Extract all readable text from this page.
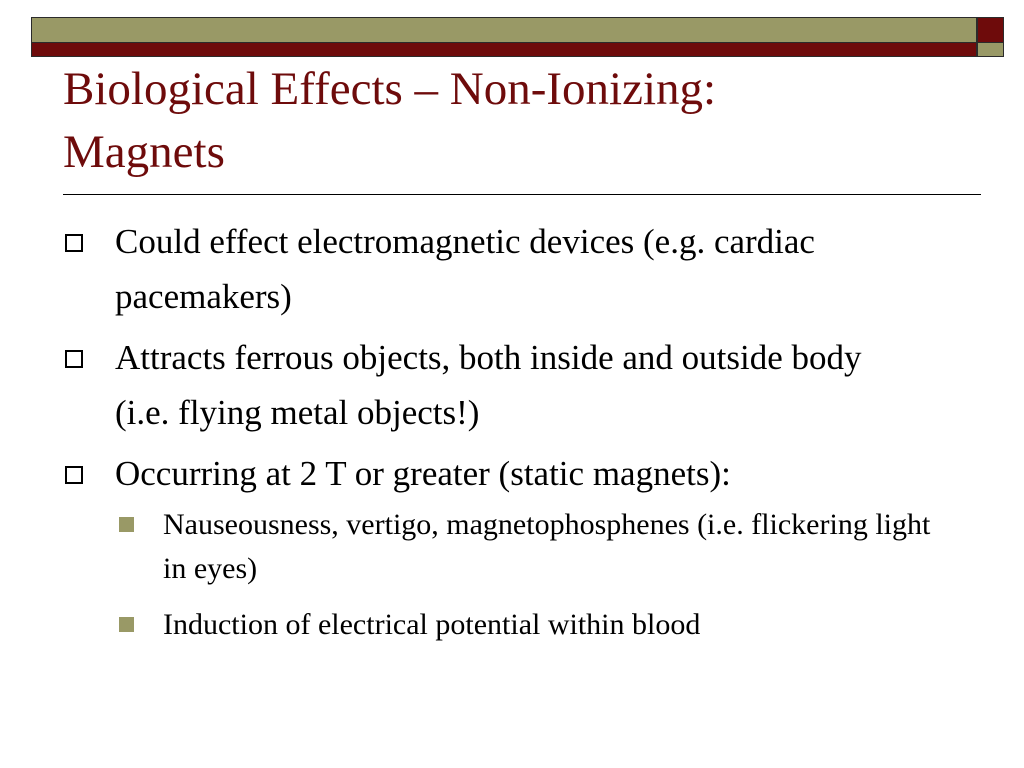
Biological Effects – Non-Ionizing:
Magnets
Could effect electromagnetic devices (e.g. cardiac pacemakers)
Attracts ferrous objects, both inside and outside body (i.e. flying metal objects!)
Occurring at 2 T or greater (static magnets):
Nauseousness, vertigo, magnetophosphenes (i.e. flickering light in eyes)
Induction of electrical potential within blood
